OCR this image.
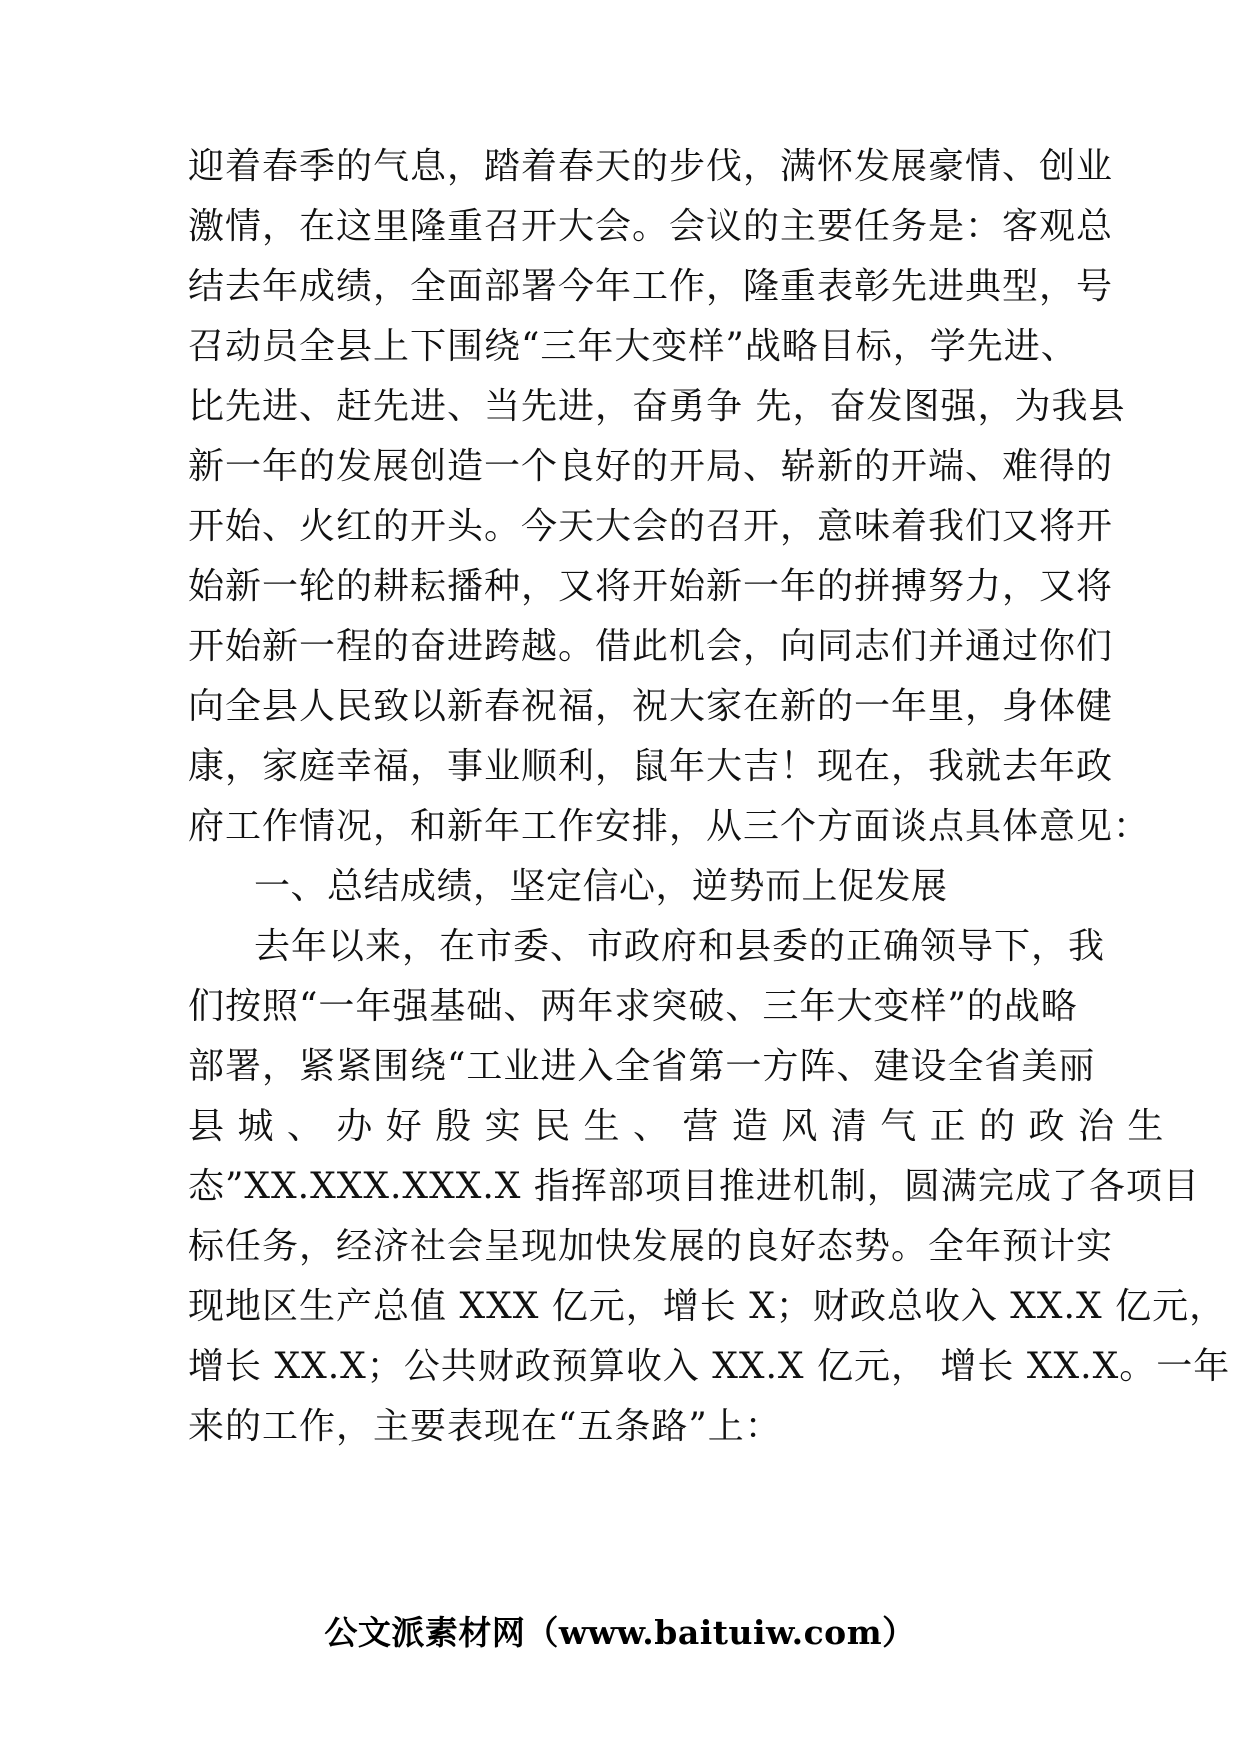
迎着春季的气息，踏着春天的步伐，满怀发展豪情、创业
激情，在这里隆重召开大会。会议的主要任务是：客观总
结去年成绩，全面部署今年工作，隆重表彰先进典型，号
召动员全县上下围绕“三年大变样”战略目标，学先进、
比先进、赶先进、当先进，奋勇争 先，奋发图强，为我县
新一年的发展创造一个良好的开局、崭新的开端、难得的
开始、火红的开头。今天大会的召开，意味着我们又将开
始新一轮的耕耘播种，又将开始新一年的拼搏努力，又将
开始新一程的奋进跨越。借此机会，向同志们并通过你们
向全县人民致以新春祝福，祝大家在新的一年里，身体健
康，家庭幸福，事业顺利，鼠年大吉！现在，我就去年政
府工作情况，和新年工作安排，从三个方面谈点具体意见：
一、总结成绩，坚定信心，逆势而上促发展
去年以来，在市委、市政府和县委的正确领导下，我
们按照“一年强基础、两年求突破、三年大变样”的战略
部署，紧紧围绕“工业进入全省第一方阵、建设全省美丽
县 城 、 办 好 殷 实 民 生 、 营 造 风 清 气 正 的 政 治 生
态”XX.XXX.XXX.X 指挥部项目推进机制，圆满完成了各项目
标任务，经济社会呈现加快发展的良好态势。全年预计实
现地区生产总值 XXX 亿元，增长 X；财政总收入 XX.X 亿元，
增长 XX.X；公共财政预算收入 XX.X 亿元， 增长 XX.X。一年
来的工作，主要表现在“五条路”上：
公文派素材网（www.baituiw.com）
